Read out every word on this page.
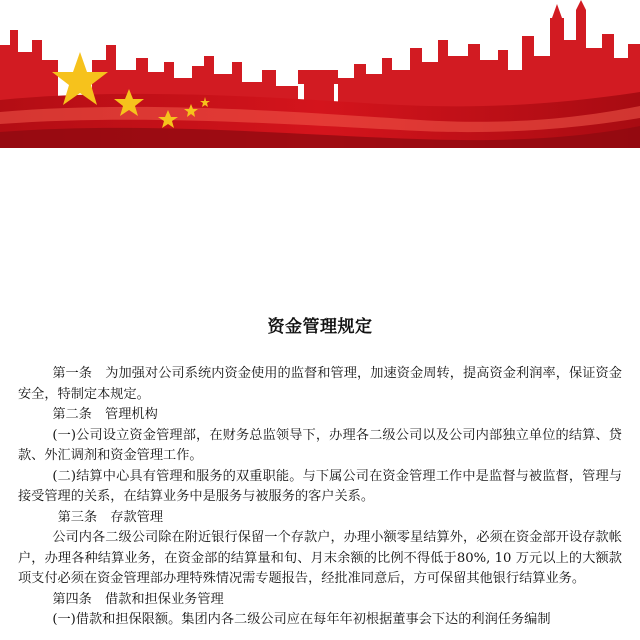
资金管理规定

第一条　为加强对公司系统内资金使用的监督和管理，加速资金周转，提高资金利润率，保证资金安全，特制定本规定。

第二条　管理机构

(一)公司设立资金管理部，在财务总监领导下，办理各二级公司以及公司内部独立单位的结算、贷款、外汇调剂和资金管理工作。

(二)结算中心具有管理和服务的双重职能。与下属公司在资金管理工作中是监督与被监督，管理与接受管理的关系，在结算业务中是服务与被服务的客户关系。

第三条　存款管理

公司内各二级公司除在附近银行保留一个存款户，办理小额零星结算外，必须在资金部开设存款帐户，办理各种结算业务，在资金部的结算量和旬、月末余额的比例不得低于80%, 10 万元以上的大额款项支付必须在资金管理部办理特殊情况需专题报告，经批准同意后，方可保留其他银行结算业务。

第四条　借款和担保业务管理

(一)借款和担保限额。集团内各二级公司应在每年年初根据董事会下达的利润任务编制
